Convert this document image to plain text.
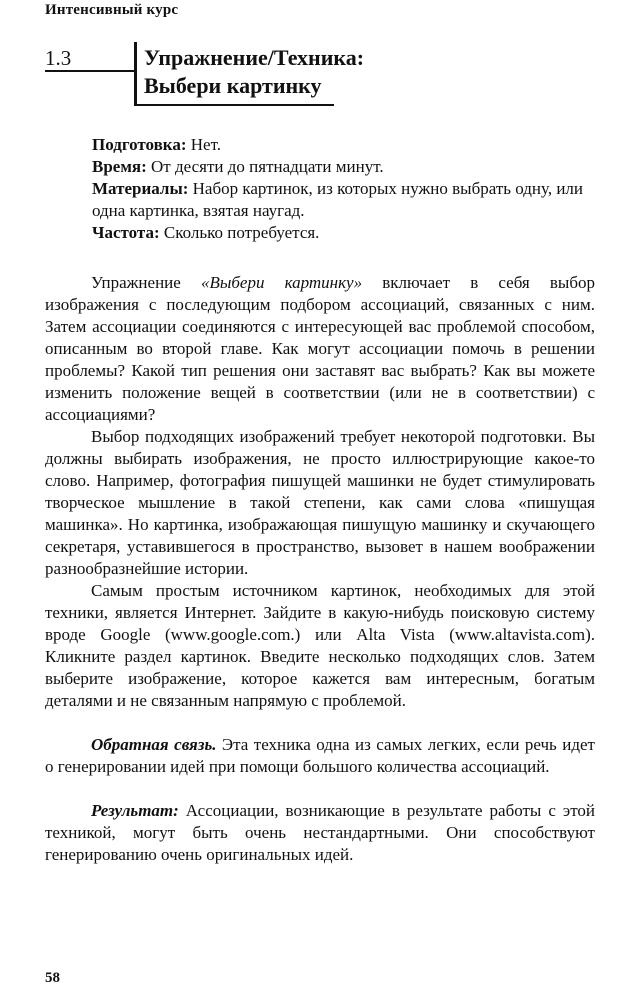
Интенсивный курс
1.3	Упражнение/Техника:
Выбери картинку
Подготовка: Нет.
Время: От десяти до пятнадцати минут.
Материалы: Набор картинок, из которых нужно выбрать одну, или одна картинка, взятая наугад.
Частота: Сколько потребуется.

Упражнение «Выбери картинку» включает в себя выбор изображения с последующим подбором ассоциаций, связанных с ним. Затем ассоциации соединяются с интересующей вас проблемой способом, описанным во второй главе. Как могут ассоциации помочь в решении проблемы? Какой тип решения они заставят вас выбрать? Как вы можете изменить положение вещей в соответствии (или не в соответствии) с ассоциациями?

Выбор подходящих изображений требует некоторой подготовки. Вы должны выбирать изображения, не просто иллюстрирующие какое-то слово. Например, фотография пишущей машинки не будет стимулировать творческое мышление в такой степени, как сами слова «пишущая машинка». Но картинка, изображающая пишущую машинку и скучающего секретаря, уставившегося в пространство, вызовет в нашем воображении разнообразнейшие истории.

Самым простым источником картинок, необходимых для этой техники, является Интернет. Зайдите в какую-нибудь поисковую систему вроде Google (www.google.com.) или Alta Vista (www.altavista.com). Кликните раздел картинок. Введите несколько подходящих слов. Затем выберите изображение, которое кажется вам интересным, богатым деталями и не связанным напрямую с проблемой.

Обратная связь. Эта техника одна из самых легких, если речь идет о генерировании идей при помощи большого количества ассоциаций.

Результат: Ассоциации, возникающие в результате работы с этой техникой, могут быть очень нестандартными. Они способствуют генерированию очень оригинальных идей.

58
